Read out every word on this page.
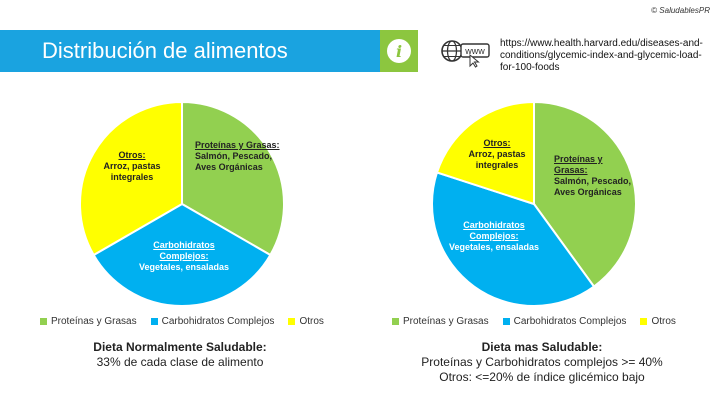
© SaludablesPR
Distribución de alimentos	i	www
https://www.health.harvard.edu/diseases-and-conditions/glycemic-index-and-glycemic-load-for-100-foods
Proteínas y Grasas:
Salmón, Pescado, Aves Orgánicas
Otros:
Arroz, pastas integrales
Carbohidratos Complejos:
Vegetales, ensaladas
Proteínas y Grasas:
Salmón, Pescado, Aves Orgánicas
Otros:
Arroz, pastas integrales
Carbohidratos Complejos:
Vegetales, ensaladas
Proteínas y Grasas	Carbohidratos Complejos	Otros	Proteínas y Grasas	Carbohidratos Complejos	Otros
Dieta Normalmente Saludable:
33% de cada clase de alimento
Dieta mas Saludable:
Proteínas y Carbohidratos complejos >= 40%
Otros: <=20% de índice glicémico bajo
